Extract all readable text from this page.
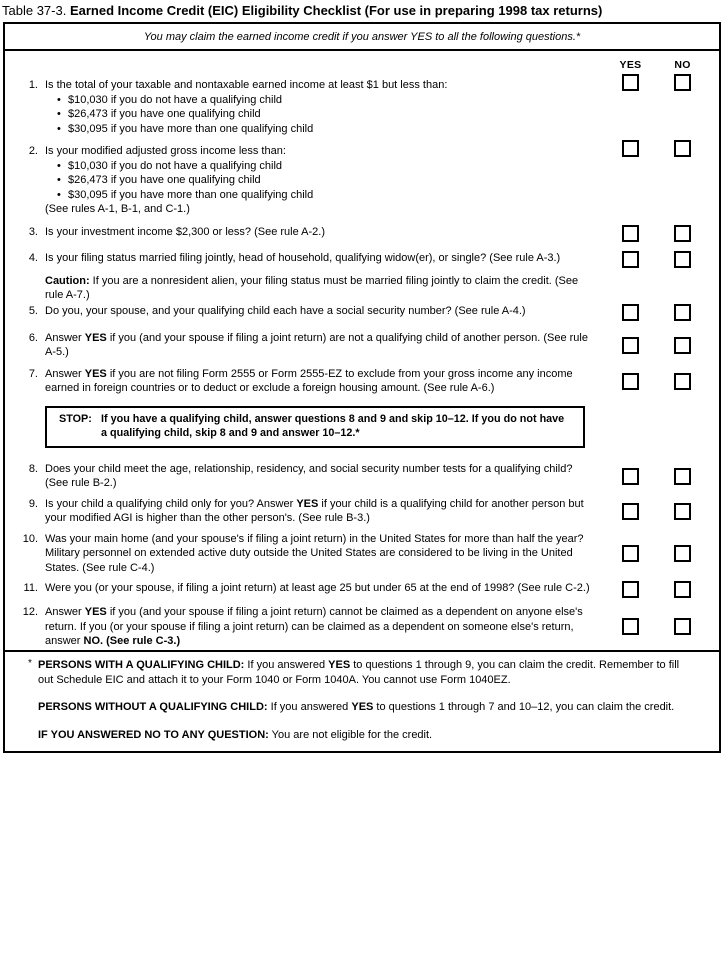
Table 37-3. Earned Income Credit (EIC) Eligibility Checklist (For use in preparing 1998 tax returns)
You may claim the earned income credit if you answer YES to all the following questions.*
YES	NO
1. Is the total of your taxable and nontaxable earned income at least $1 but less than:
• $10,030 if you do not have a qualifying child
• $26,473 if you have one qualifying child
• $30,095 if you have more than one qualifying child
2. Is your modified adjusted gross income less than:
• $10,030 if you do not have a qualifying child
• $26,473 if you have one qualifying child
• $30,095 if you have more than one qualifying child
(See rules A-1, B-1, and C-1.)
3. Is your investment income $2,300 or less? (See rule A-2.)
4. Is your filing status married filing jointly, head of household, qualifying widow(er), or single? (See rule A-3.)
Caution: If you are a nonresident alien, your filing status must be married filing jointly to claim the credit. (See rule A-7.)
5. Do you, your spouse, and your qualifying child each have a social security number? (See rule A-4.)
6. Answer YES if you (and your spouse if filing a joint return) are not a qualifying child of another person. (See rule A-5.)
7. Answer YES if you are not filing Form 2555 or Form 2555-EZ to exclude from your gross income any income earned in foreign countries or to deduct or exclude a foreign housing amount. (See rule A-6.)
STOP: If you have a qualifying child, answer questions 8 and 9 and skip 10–12. If you do not have a qualifying child, skip 8 and 9 and answer 10–12.*
8. Does your child meet the age, relationship, residency, and social security number tests for a qualifying child? (See rule B-2.)
9. Is your child a qualifying child only for you? Answer YES if your child is a qualifying child for another person but your modified AGI is higher than the other person's. (See rule B-3.)
10. Was your main home (and your spouse's if filing a joint return) in the United States for more than half the year? Military personnel on extended active duty outside the United States are considered to be living in the United States. (See rule C-4.)
11. Were you (or your spouse, if filing a joint return) at least age 25 but under 65 at the end of 1998? (See rule C-2.)
12. Answer YES if you (and your spouse if filing a joint return) cannot be claimed as a dependent on anyone else's return. If you (or your spouse if filing a joint return) can be claimed as a dependent on someone else's return, answer NO. (See rule C-3.)
* PERSONS WITH A QUALIFYING CHILD: If you answered YES to questions 1 through 9, you can claim the credit. Remember to fill out Schedule EIC and attach it to your Form 1040 or Form 1040A. You cannot use Form 1040EZ.
PERSONS WITHOUT A QUALIFYING CHILD: If you answered YES to questions 1 through 7 and 10–12, you can claim the credit.
IF YOU ANSWERED NO TO ANY QUESTION: You are not eligible for the credit.
